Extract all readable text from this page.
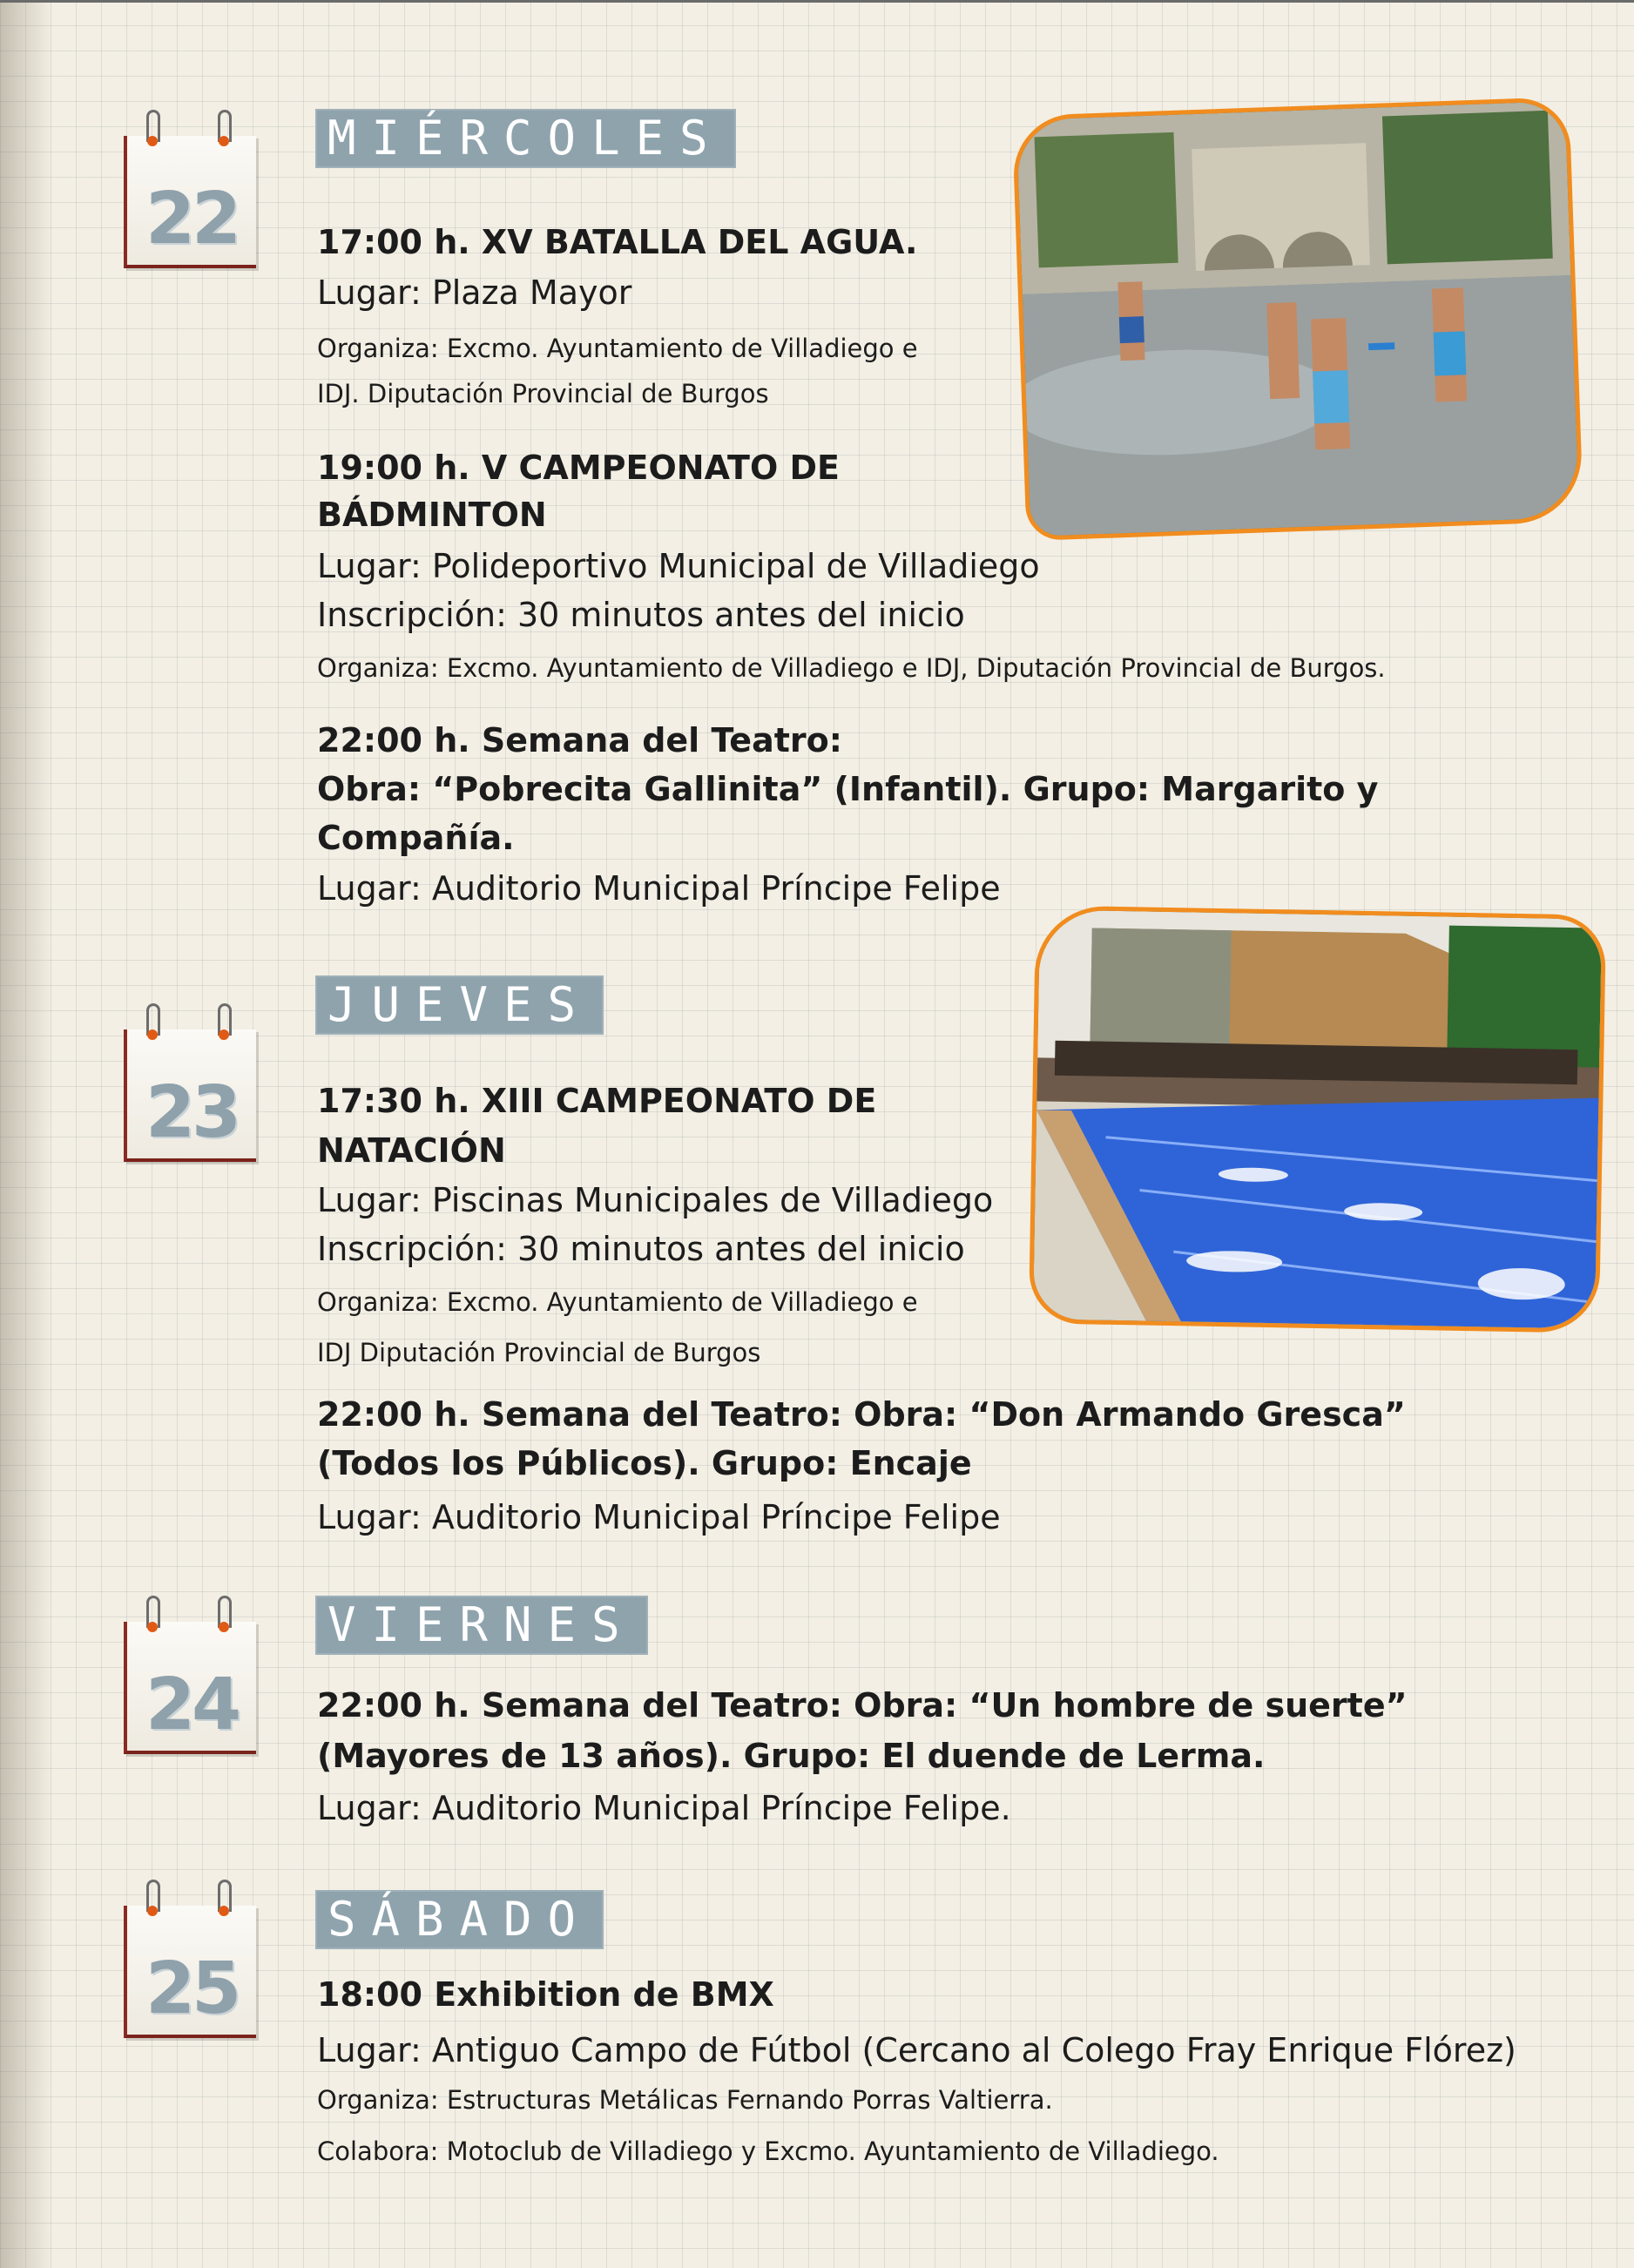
22
MIÉRCOLES
17:00 h. XV BATALLA DEL AGUA.
Lugar: Plaza Mayor
Organiza: Excmo. Ayuntamiento de Villadiego e
IDJ. Diputación Provincial de Burgos
19:00 h. V CAMPEONATO DE
BÁDMINTON
Lugar: Polideportivo Municipal de Villadiego
Inscripción: 30 minutos antes del inicio
Organiza: Excmo. Ayuntamiento de Villadiego e IDJ, Diputación Provincial de Burgos.
22:00 h. Semana del Teatro:
Obra: “Pobrecita Gallinita” (Infantil). Grupo: Margarito y
Compañía.
Lugar: Auditorio Municipal Príncipe Felipe
23
JUEVES
17:30 h. XIII CAMPEONATO DE
NATACIÓN
Lugar: Piscinas Municipales de Villadiego
Inscripción: 30 minutos antes del inicio
Organiza: Excmo. Ayuntamiento de Villadiego e
IDJ Diputación Provincial de Burgos
22:00 h. Semana del Teatro: Obra: “Don Armando Gresca”
(Todos los Públicos). Grupo: Encaje
Lugar: Auditorio Municipal Príncipe Felipe
24
VIERNES
22:00 h. Semana del Teatro: Obra: “Un hombre de suerte”
(Mayores de 13 años). Grupo: El duende de Lerma.
Lugar: Auditorio Municipal Príncipe Felipe.
25
SÁBADO
18:00 Exhibition de BMX
Lugar: Antiguo Campo de Fútbol (Cercano al Colego Fray Enrique Flórez)
Organiza: Estructuras Metálicas Fernando Porras Valtierra.
Colabora: Motoclub de Villadiego y Excmo. Ayuntamiento de Villadiego.
